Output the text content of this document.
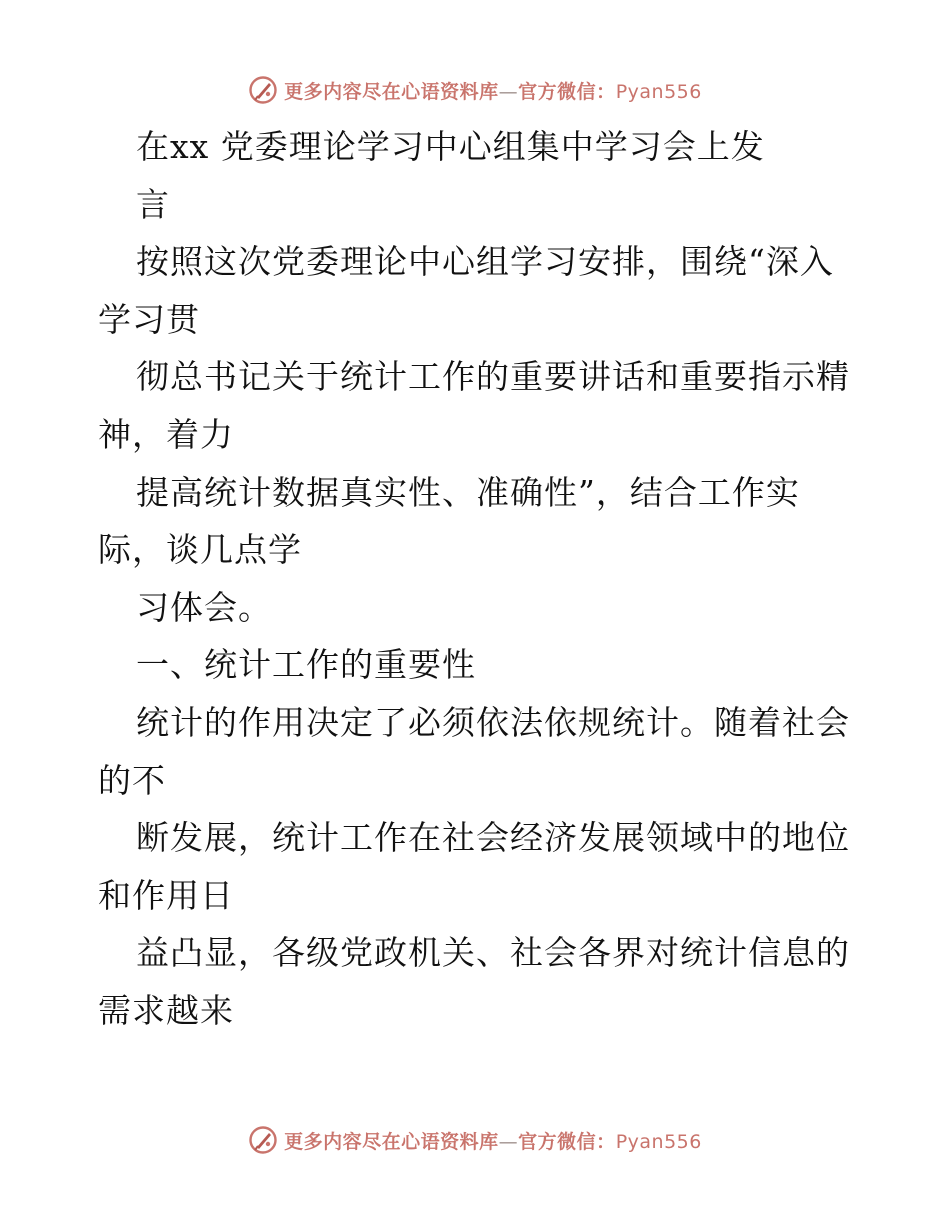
更多内容尽在心语资料库—官方微信：Pyan556
在xx 党委理论学习中心组集中学习会上发
言
按照这次党委理论中心组学习安排，围绕“深入
学习贯
彻总书记关于统计工作的重要讲话和重要指示精
神，着力
提高统计数据真实性、准确性”，结合工作实
际，谈几点学
习体会。
一、统计工作的重要性
统计的作用决定了必须依法依规统计。随着社会
的不
断发展，统计工作在社会经济发展领域中的地位
和作用日
益凸显，各级党政机关、社会各界对统计信息的
需求越来
更多内容尽在心语资料库—官方微信：Pyan556
